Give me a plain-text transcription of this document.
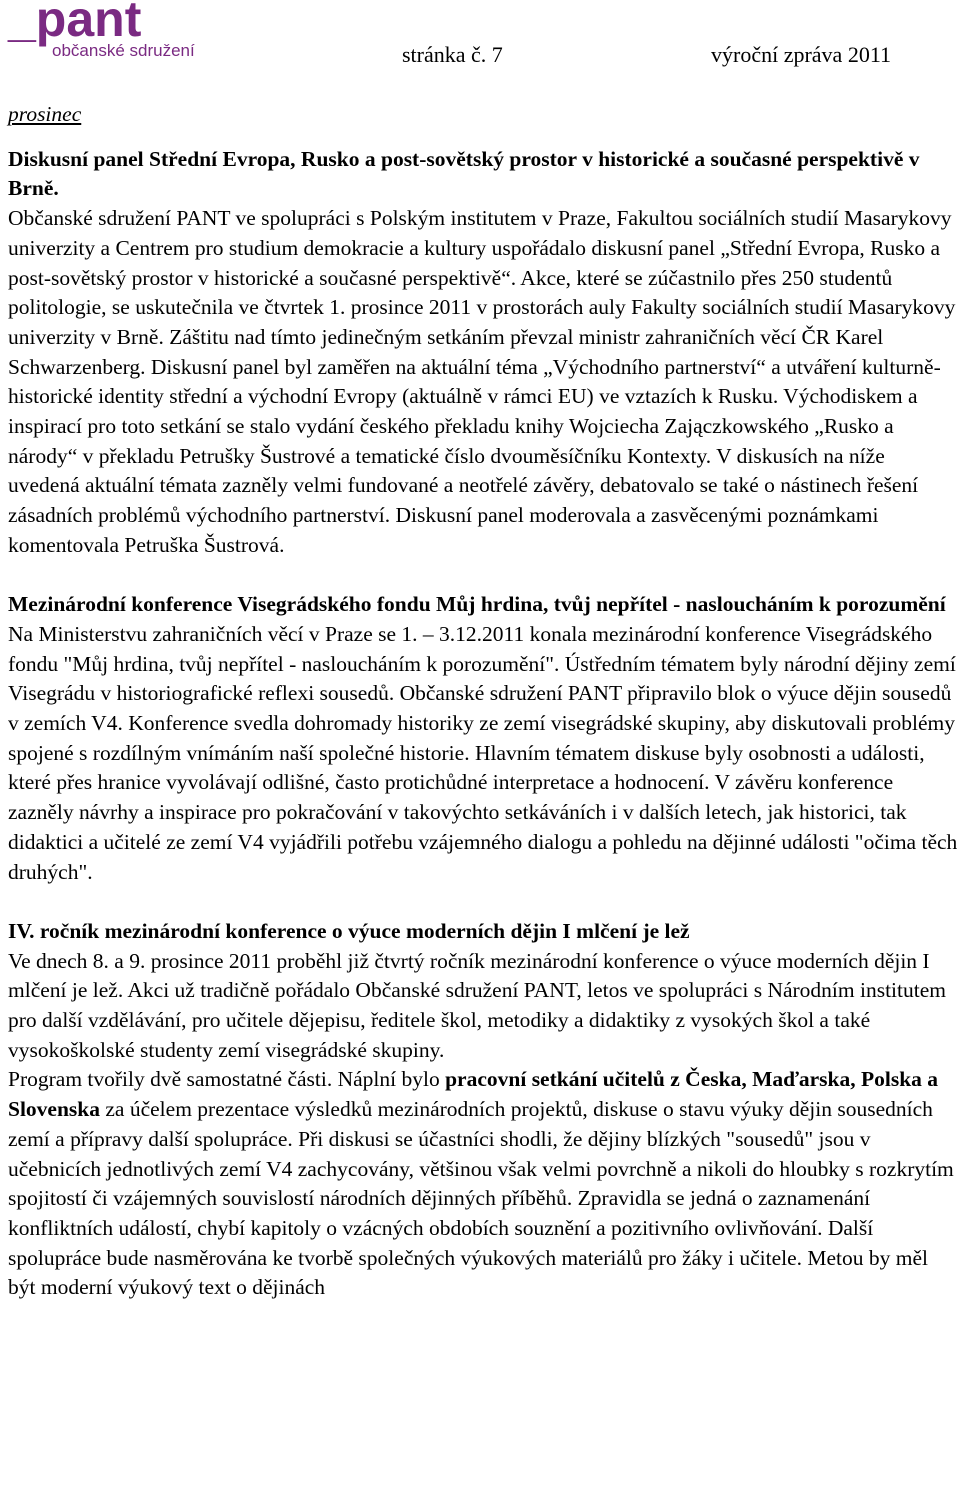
_pant
občanské sdružení	stránka č. 7	výroční zpráva 2011
prosinec

Diskusní panel Střední Evropa, Rusko a post-sovětský prostor v historické a současné perspektivě v Brně.

Občanské sdružení PANT ve spolupráci s Polským institutem v Praze, Fakultou sociálních studií Masarykovy univerzity a Centrem pro studium demokracie a kultury uspořádalo diskusní panel „Střední Evropa, Rusko a post-sovětský prostor v historické a současné perspektivě“. Akce, které se zúčastnilo přes 250 studentů politologie, se uskutečnila ve čtvrtek 1. prosince 2011 v prostorách auly Fakulty sociálních studií Masarykovy univerzity v Brně. Záštitu nad tímto jedinečným setkáním převzal ministr zahraničních věcí ČR Karel Schwarzenberg. Diskusní panel byl zaměřen na aktuální téma „Východního partnerství“ a utváření kulturně-historické identity střední a východní Evropy (aktuálně v rámci EU) ve vztazích k Rusku. Východiskem a inspirací pro toto setkání se stalo vydání českého překladu knihy Wojciecha Zajączkowského „Rusko a národy“ v překladu Petrušky Šustrové a tematické číslo dvouměsíčníku Kontexty. V diskusích na níže uvedená aktuální témata zazněly velmi fundované a neotřelé závěry, debatovalo se také o nástinech řešení zásadních problémů východního partnerství. Diskusní panel moderovala a zasvěcenými poznámkami komentovala Petruška Šustrová.

Mezinárodní konference Visegrádského fondu Můj hrdina, tvůj nepřítel - nasloucháním k porozumění

Na Ministerstvu zahraničních věcí v Praze se 1. – 3.12.2011 konala mezinárodní konference Visegrádského fondu "Můj hrdina, tvůj nepřítel - nasloucháním k porozumění". Ústředním tématem byly národní dějiny zemí Visegrádu v historiografické reflexi sousedů. Občanské sdružení PANT připravilo blok o výuce dějin sousedů v zemích V4. Konference svedla dohromady historiky ze zemí visegrádské skupiny, aby diskutovali problémy spojené s rozdílným vnímáním naší společné historie. Hlavním tématem diskuse byly osobnosti a události, které přes hranice vyvolávají odlišné, často protichůdné interpretace a hodnocení. V závěru konference zazněly návrhy a inspirace pro pokračování v takovýchto setkáváních i v dalších letech, jak historici, tak didaktici a učitelé ze zemí V4 vyjádřili potřebu vzájemného dialogu a pohledu na dějinné události "očima těch druhých".

IV. ročník mezinárodní konference o výuce moderních dějin I mlčení je lež

Ve dnech 8. a 9. prosince 2011 proběhl již čtvrtý ročník mezinárodní konference o výuce moderních dějin I mlčení je lež. Akci už tradičně pořádalo Občanské sdružení PANT, letos ve spolupráci s Národním institutem pro další vzdělávání, pro učitele dějepisu, ředitele škol, metodiky a didaktiky z vysokých škol a také vysokoškolské studenty zemí visegrádské skupiny.

Program tvořily dvě samostatné části. Náplní bylo pracovní setkání učitelů z Česka, Maďarska, Polska a Slovenska za účelem prezentace výsledků mezinárodních projektů, diskuse o stavu výuky dějin sousedních zemí a přípravy další spolupráce. Při diskusi se účastníci shodli, že dějiny blízkých "sousedů" jsou v učebnicích jednotlivých zemí V4 zachycovány, většinou však velmi povrchně a nikoli do hloubky s rozkrytím spojitostí či vzájemných souvislostí národních dějinných příběhů. Zpravidla se jedná o zaznamenání konfliktních událostí, chybí kapitoly o vzácných obdobích souznění a pozitivního ovlivňování. Další spolupráce bude nasměrována ke tvorbě společných výukových materiálů pro žáky i učitele. Metou by měl být moderní výukový text o dějinách
